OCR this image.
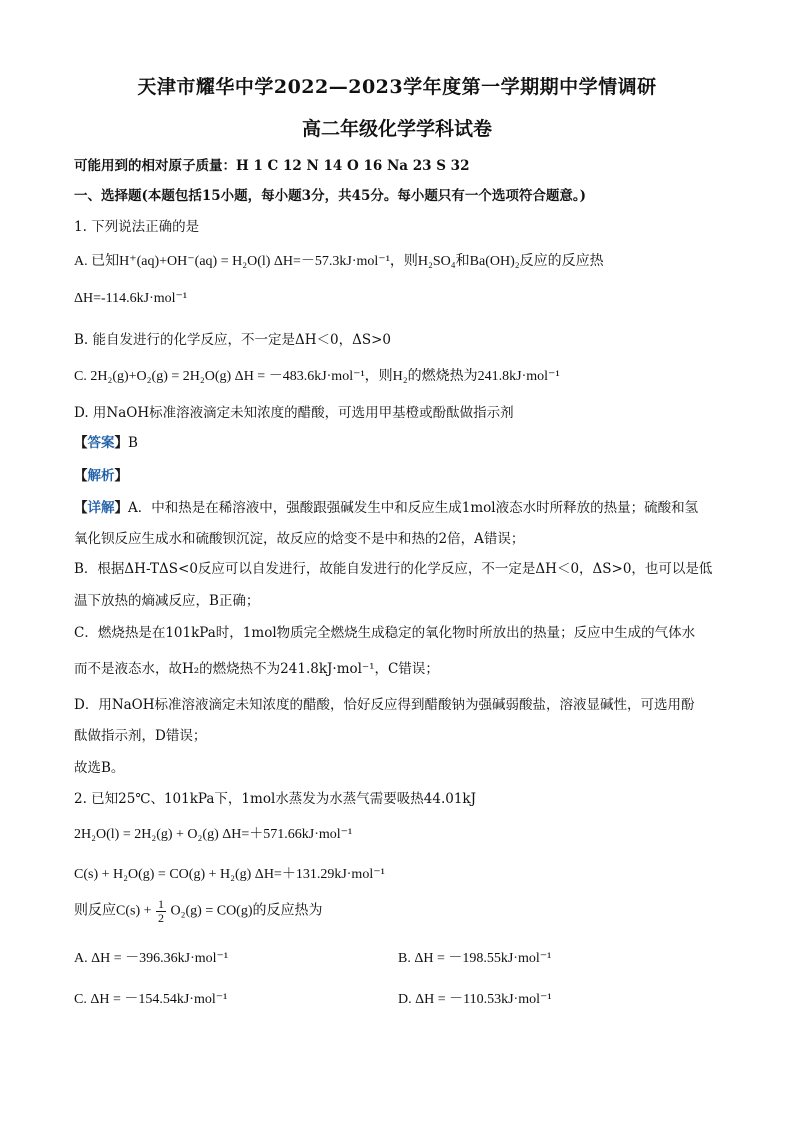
天津市耀华中学2022—2023学年度第一学期期中学情调研
高二年级化学学科试卷
可能用到的相对原子质量：H 1 C 12 N 14 O 16 Na 23 S 32
一、选择题(本题包括15小题，每小题3分，共45分。每小题只有一个选项符合题意。)
1. 下列说法正确的是
A. 已知H⁺(aq)+OH⁻(aq) = H₂O(l) ΔH=－57.3kJ·mol⁻¹，则H₂SO₄和Ba(OH)₂反应的反应热
ΔH=-114.6kJ·mol⁻¹
B. 能自发进行的化学反应，不一定是ΔH＜0，ΔS>0
C. 2H₂(g)+O₂(g) = 2H₂O(g) ΔH = －483.6kJ·mol⁻¹，则H₂的燃烧热为241.8kJ·mol⁻¹
D. 用NaOH标准溶液滴定未知浓度的醋酸，可选用甲基橙或酚酞做指示剂
【答案】B
【解析】
【详解】A．中和热是在稀溶液中，强酸跟强碱发生中和反应生成1mol液态水时所释放的热量；硫酸和氢
氧化钡反应生成水和硫酸钡沉淀，故反应的焓变不是中和热的2倍，A错误；
B．根据ΔH-TΔS<0反应可以自发进行，故能自发进行的化学反应，不一定是ΔH＜0，ΔS>0，也可以是低
温下放热的熵减反应，B正确；
C．燃烧热是在101kPa时，1mol物质完全燃烧生成稳定的氧化物时所放出的热量；反应中生成的气体水
而不是液态水，故H₂的燃烧热不为241.8kJ·mol⁻¹，C错误；
D．用NaOH标准溶液滴定未知浓度的醋酸，恰好反应得到醋酸钠为强碱弱酸盐，溶液显碱性，可选用酚
酞做指示剂，D错误；
故选B。
2. 已知25℃、101kPa下，1mol水蒸发为水蒸气需要吸热44.01kJ
2H₂O(l) = 2H₂(g) + O₂(g) ΔH=＋571.66kJ·mol⁻¹
C(s) + H₂O(g) = CO(g) + H₂(g) ΔH=＋131.29kJ·mol⁻¹
则反应$C(s) + \frac{1}{2} O_2(g) = CO(g)$的反应热为
A. ΔH = －396.36kJ·mol⁻¹	B. ΔH = －198.55kJ·mol⁻¹
C. ΔH = －154.54kJ·mol⁻¹	D. ΔH = －110.53kJ·mol⁻¹
